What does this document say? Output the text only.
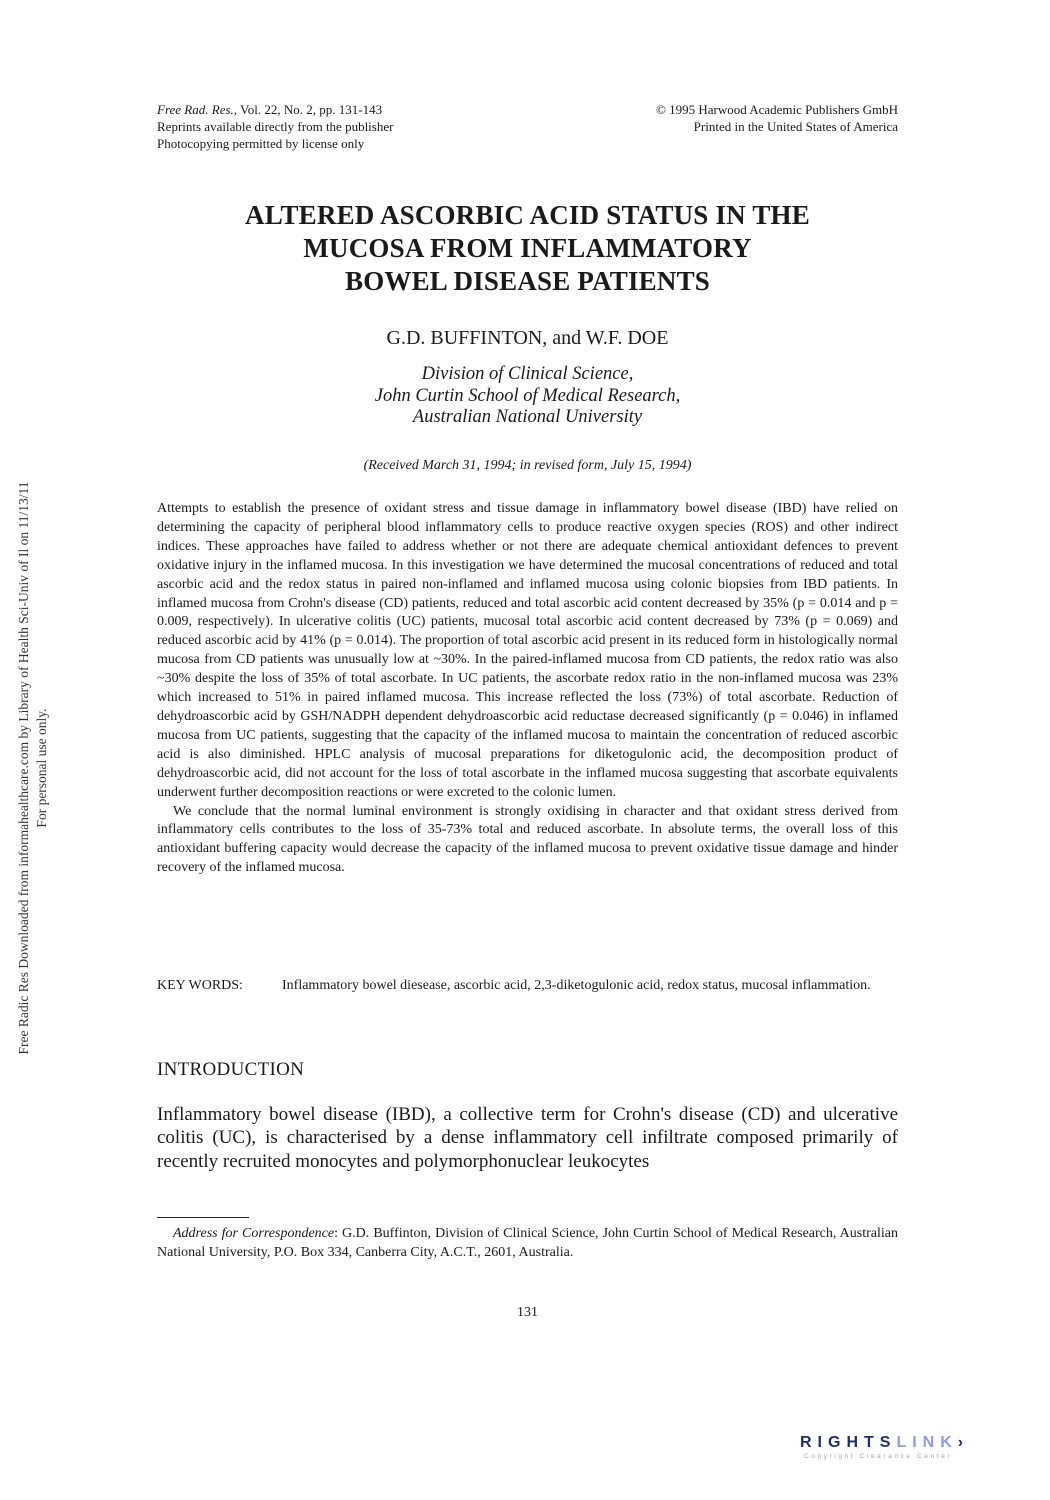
Free Rad. Res., Vol. 22, No. 2, pp. 131-143
Reprints available directly from the publisher
Photocopying permitted by license only
© 1995 Harwood Academic Publishers GmbH
Printed in the United States of America
ALTERED ASCORBIC ACID STATUS IN THE
MUCOSA FROM INFLAMMATORY
BOWEL DISEASE PATIENTS
G.D. BUFFINTON, and W.F. DOE
Division of Clinical Science,
John Curtin School of Medical Research,
Australian National University
(Received March 31, 1994; in revised form, July 15, 1994)

Attempts to establish the presence of oxidant stress and tissue damage in inflammatory bowel disease (IBD) have relied on determining the capacity of peripheral blood inflammatory cells to produce reactive oxygen species (ROS) and other indirect indices. These approaches have failed to address whether or not there are adequate chemical antioxidant defences to prevent oxidative injury in the inflamed mucosa. In this investigation we have determined the mucosal concentrations of reduced and total ascorbic acid and the redox status in paired non-inflamed and inflamed mucosa using colonic biopsies from IBD patients. In inflamed mucosa from Crohn's disease (CD) patients, reduced and total ascorbic acid content decreased by 35% (p = 0.014 and p = 0.009, respectively). In ulcerative colitis (UC) patients, mucosal total ascorbic acid content decreased by 73% (p = 0.069) and reduced ascorbic acid by 41% (p = 0.014). The proportion of total ascorbic acid present in its reduced form in histologically normal mucosa from CD patients was unusually low at ~30%. In the paired-inflamed mucosa from CD patients, the redox ratio was also ~30% despite the loss of 35% of total ascorbate. In UC patients, the ascorbate redox ratio in the non-inflamed mucosa was 23% which increased to 51% in paired inflamed mucosa. This increase reflected the loss (73%) of total ascorbate. Reduction of dehydroascorbic acid by GSH/NADPH dependent dehydroascorbic acid reductase decreased significantly (p = 0.046) in inflamed mucosa from UC patients, suggesting that the capacity of the inflamed mucosa to maintain the concentration of reduced ascorbic acid is also diminished. HPLC analysis of mucosal preparations for diketogulonic acid, the decomposition product of dehydroascorbic acid, did not account for the loss of total ascorbate in the inflamed mucosa suggesting that ascorbate equivalents underwent further decomposition reactions or were excreted to the colonic lumen.

We conclude that the normal luminal environment is strongly oxidising in character and that oxidant stress derived from inflammatory cells contributes to the loss of 35-73% total and reduced ascorbate. In absolute terms, the overall loss of this antioxidant buffering capacity would decrease the capacity of the inflamed mucosa to prevent oxidative tissue damage and hinder recovery of the inflamed mucosa.

KEY WORDS:	Inflammatory bowel diesease, ascorbic acid, 2,3-diketogulonic acid, redox status, mucosal inflammation.
INTRODUCTION
Inflammatory bowel disease (IBD), a collective term for Crohn's disease (CD) and ulcerative colitis (UC), is characterised by a dense inflammatory cell infiltrate composed primarily of recently recruited monocytes and polymorphonuclear leukocytes

Address for Correspondence: G.D. Buffinton, Division of Clinical Science, John Curtin School of Medical Research, Australian National University, P.O. Box 334, Canberra City, A.C.T., 2601, Australia.

131
Free Radic Res Downloaded from informahealthcare.com by Library of Health Sci-Univ of Il on 11/13/11 For personal use only.
RIGHTSLINK›
Copyright Clearance Center
